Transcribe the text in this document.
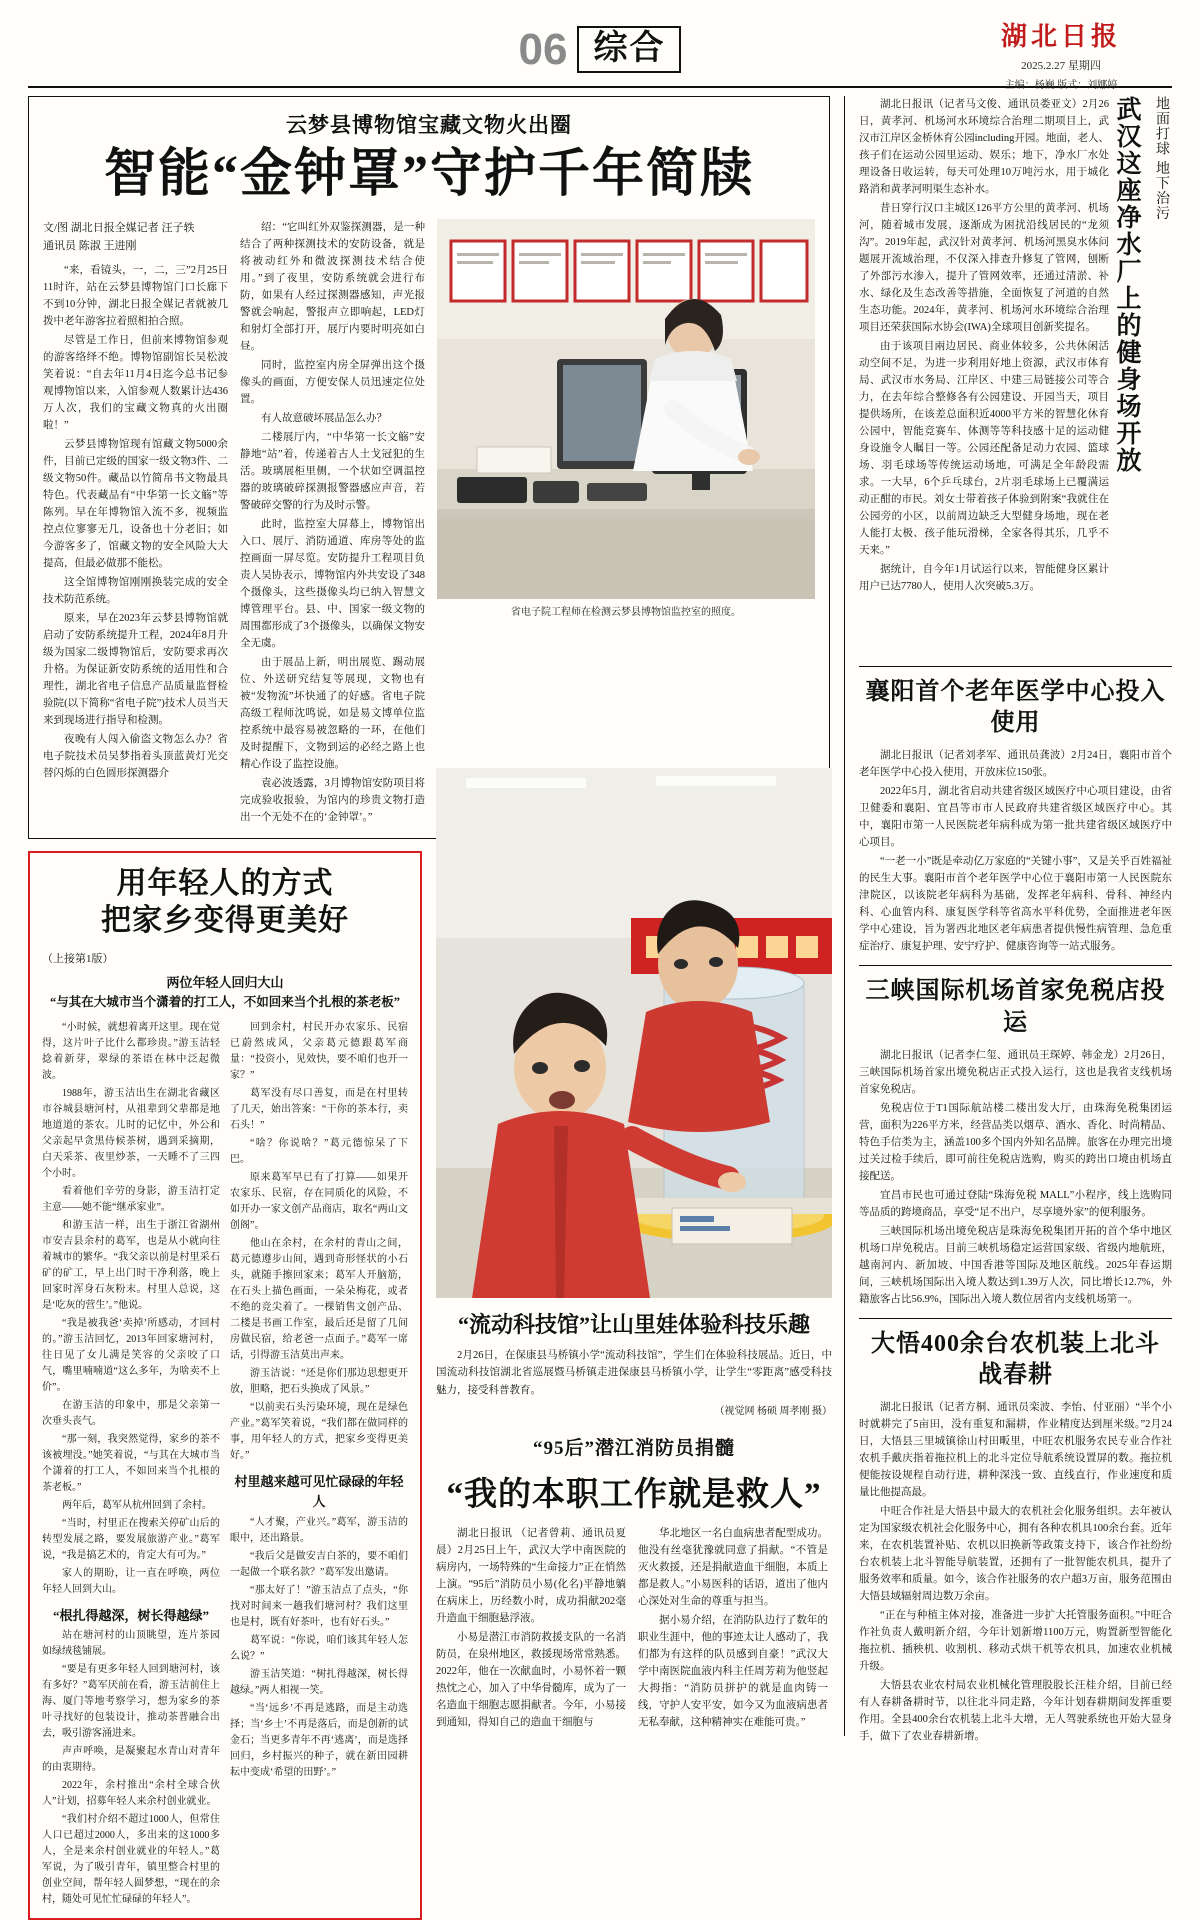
06 综合	湖北日报
2025.2.27 星期四
主编：杨巍 版式：刘娜婷
云梦县博物馆宝藏文物火出圈
智能“金钟罩”守护千年简牍
文/图 湖北日报全媒记者 汪子轶
通讯员 陈淑 王进刚

“来，看镜头，一，二，三”2月25日11时许，站在云梦县博物馆门口长廊下不到10分钟，湖北日报全媒记者就被几拨中老年游客拉着照相拍合照。

尽管是工作日，但前来博物馆参观的游客络绎不绝。博物馆副馆长吴松波笑着说：“自去年11月4日迄今总书记参观博物馆以来，入馆参观人数累计达436万人次，我们的宝藏文物真的火出圈啦！”

云梦县博物馆现有馆藏文物5000余件，目前已定级的国家一级文物3件、二级文物50件。藏品以竹简帛书文物最具特色。代表藏品有“中华第一长文觞”等陈列。早在年博物馆入流不多，视频监控点位寥寥无几，设备也十分老旧；如今游客多了，馆藏文物的安全风险大大提高，但最必做那不能松。

这全馆博物馆刚刚换装完成的安全技术防范系统。

原来，早在2023年云梦县博物馆就启动了安防系统提升工程，2024年8月升级为国家二级博物馆后，安防要求再次升格。为保证新安防系统的适用性和合理性，湖北省电子信息产品质量监督检验院(以下简称“省电子院”)技术人员当天来到现场进行指导和检测。

夜晚有人闯入偷盗文物怎么办？省电子院技术员吴梦指着头顶蓝黄灯光交替闪烁的白色圆形探测器介

绍：“它叫红外双鉴探测器，是一种结合了两种探测技术的安防设备，就是将被动红外和微波探测技术结合使用。”到了夜里，安防系统就会进行布防，如果有人经过探测器感知，声光报警就会响起，警报声立即响起，LED灯和射灯全部打开，展厅内要时明亮如白昼。

同时，监控室内房全屏弹出这个摄像头的画面，方便安保人员迅速定位处置。

有人故意破坏展品怎么办？

二楼展厅内，“中华第一长文觞”安静地“站”着，传递着古人土戈冠犯的生活。玻璃展柜里侧，一个状如空调温控器的玻璃破碎探测报警器感应声音，若警破碎交警的行为及时示警。

此时，监控室大屏幕上，博物馆出入口、展厅、消防通道、库房等处的监控画面一屏尽览。安防提升工程项目负责人吴协表示，博物馆内外共安设了348个摄像头，这些摄像头均已纳入智慧文博管理平台。县、中、国家一级文物的周围都形成了3个摄像头，以确保文物安全无虞。

由于展品上新，明出展览、踢动展位、外送研究结复等展现，文物也有被“发物流”坏快通了的好感。省电子院高级工程师沈鸣说，如是易文博单位监控系统中最容易被忽略的一环，在他们及时提醒下，文物到运的必经之路上也精心作设了监控设施。

袁必波透露，3月博物馆安防项目将完成验收报验，为馆内的珍贵文物打造出一个无处不在的‘金钟罩’。”

省电子院工程师在检测云梦县博物馆监控室的照度。
用年轻人的方式
把家乡变得更美好
（上接第1版）
两位年轻人回归大山
“与其在大城市当个潇着的打工人，不如回来当个扎根的茶老板”

“小时候，就想着离开这里。现在觉得，这片叶子比什么都珍贵。”游玉洁轻捻着新芽，翠绿的茶语在林中泛起微波。

1988年，游玉洁出生在湖北省藏区市谷城县塘河村，从祖辈到父辈都是地地道道的茶农。儿时的记忆中，外公和父亲起早贪黑侍候茶树，遇到采摘期，白天采茶、夜里炒茶，一天睡不了三四个小时。

看着他们辛劳的身影，游玉洁打定主意——她不能“继承家业”。

和游玉洁一样，出生于浙江省湖州市安吉县余村的葛军，也是从小就向往着城市的繁华。“我父亲以前是村里采石矿的矿工，早上出门时干净利落，晚上回家时浑身石灰粉末。村里人总说，这是‘吃灰的营生’。”他说。

“我是被我爸‘卖掉’所感动，才回村的。”游玉洁回忆，2013年回家塘河村，往日见了女儿满是笑容的父亲咬了口气，嘴里喃喃道“这么多年，为啥卖不上价”。

在游玉洁的印象中，那是父亲第一次垂头丧气。

“那一刻，我突然觉得，家乡的茶不该被埋没。”她笑着说，“与其在大城市当个潇着的打工人，不如回来当个扎根的茶老板。”

两年后，葛军从杭州回到了余村。

“当时，村里正在搜索关停矿山后的转型发展之路，要发展旅游产业。”葛军说，“我是搞艺术的，肯定大有可为。”

家人的期盼，让一直在呼唤，两位年轻人回到大山。

“根扎得越深，树长得越绿”

站在塘河村的山顶眺望，连片茶园如绿绒毯铺展。

“要是有更多年轻人回到塘河村，该有多好？”葛军厌前在看，游玉洁前住上海、厦门等地考察学习，想为家乡的茶叶寻找好的包装设计，推动茶普融合出去，吸引游客涌进来。

声声呼唤，是凝聚起水青山对青年的由衷期待。

2022年，余村推出“余村全球合伙人”计划，招募年轻人来余村创业就业。

“我们村介绍不超过1000人，但常住人口已超过2000人，多出来的这1000多人，全是来余村创业就业的年轻人。”葛军说，为了吸引青年，镇里整合村里的创业空间，帮年轻人圆梦想，“现在的余村，随处可见忙忙碌碌的年轻人”。

回到余村，村民开办农家乐、民宿已蔚然成风，父亲葛元德跟葛军商量：“投资小，见效快，要不咱们也开一家？”

葛军没有尽口善复，而是在村里转了几天，始出答案：“干你的茶本行，卖石头！”

“啥？你说啥？”葛元德惊呆了下巴。

原来葛军早已有了打算——如果开农家乐、民宿，存在同质化的风险，不如开办一家文创产品商店，取名“两山文创阁”。

他山在余村，在余村的青山之间，葛元德遵步山间，遇到奇形怪状的小石头，就随手擦回家来；葛军人开脑筋，在石头上描色画面，一朵朵梅花，或者不绝的竞尖着了。一棵销售文创产品、二楼是书画工作室，最后还是留了几间房做民宿，给老爸一点面子。”葛军一席话，引得游玉洁莫出声来。

游玉洁说：“还是你们那边思想更开放，胆略，把石头换成了风景。”

“以前卖石头污染环境，现在是绿色产业。”葛军笑着说，“我们都在做同样的事，用年轻人的方式，把家乡变得更美好。”

村里越来越可见忙碌碌的年轻人

“人才聚，产业兴。”葛军，游玉洁的眼中，还出路景。

“我后父是做安吉白茶的，要不咱们一起做一个联名款？”葛军发出邀请。

“那太好了！”游玉洁点了点头，“你找对时间来一趟我们塘河村？我们这里也是村，既有好茶叶，也有好石头。”

葛军说：“你说，咱们该其年轻人怎么说？”

游玉洁笑道：“树扎得越深，树长得越绿。”两人相视一笑。

“当‘远乡’不再是逃路，而是主动选择；当‘乡土’不再是落后，而是创新的试金石；当更多青年不再‘逃离’，而是选择回归，乡村振兴的种子，就在新田园耕耘中变成‘希望的田野’。”

“流动科技馆”让山里娃体验科技乐趣

2月26日，在保康县马桥镇小学“流动科技馆”，学生们在体验科技展品。近日，中国流动科技馆湖北省巡展暨马桥镇走进保康县马桥镇小学，让学生“零距离”感受科技魅力，接受科普教育。

（视觉网 杨硕 周孝刚 摄）
“95后”潜江消防员捐髓
“我的本职工作就是救人”

湖北日报讯 （记者曾莉、通讯员夏晨）2月25日上午，武汉大学中南医院的病房内，一场特殊的“生命接力”正在悄然上演。“95后”消防员小易(化名)平静地躺在病床上，历经数小时，成功捐献202毫升造血干细胞悬浮液。

小易是潜江市消防救援支队的一名消防员，在泉州地区，救援现场常常熟悉。2022年，他在一次献血时，小易怀着一颗热忱之心，加入了中华骨髓库，成为了一名造血干细胞志愿捐献者。今年，小易接到通知，得知自己的造血干细胞与

华北地区一名白血病患者配型成功。他没有丝毫犹豫就同意了捐献。“不管是灭火救援，还是捐献造血干细胞，本质上都是救人。”小易医科的话语，道出了他内心深处对生命的尊重与担当。

据小易介绍，在消防队边行了数年的职业生涯中，他的事迹太让人感动了，我们都为有这样的队员感到自豪！”武汉大学中南医院血液内科主任周芳莉为他竖起大拇指：“消防员拼护的就是血肉铸一线，守护人安平安，如今又为血液病患者无私奉献，这种精神实在难能可贵。”

地面打球 地下治污
武汉这座净水厂上的健身场开放

湖北日报讯（记者马文俊、通讯员娄亚文）2月26日，黄孝河、机场河水环境综合治理二期项目上，武汉市江岸区金桥休育公园including开园。地面，老人、孩子们在运动公园里运动、娱乐；地下，净水厂水处理设备日收运转，每天可处理10万吨污水，用于城化路消和黄孝河明渠生态补水。

昔日穿行汉口主城区126平方公里的黄孝河、机场河，随着城市发展，逐渐成为困扰沿线居民的“龙须沟”。2019年起，武汉针对黄孝河、机场河黑臭水体问题展开流域治理，不仅深入排查升修复了管网，刨断了外部污水渗入，提升了管网效率，还通过清淤、补水、绿化及生态改善等措施，全面恢复了河道的自然生态功能。2024年，黄孝河、机场河水环境综合治理项目还荣获国际水协会(IWA)全球项目创新奖提名。

由于该项目兩边居民、商业体较多，公共休闲活动空间不足，为进一步利用好地上资源，武汉市体育局、武汉市水务局、江岸区、中建三局链接公司等合力，在去年综合整修各有公园建设、开园当天，项目提供场所，在该差总面积近4000平方米的智慧化休育公园中，智能竞赛车、体测等等科技感十足的运动健身设施令人瞩目一等。公园还配备足动力农园、篮球场、羽毛球场等传统运动场地，可满足全年龄段需求。一大早，6个乒乓球台，2片羽毛球场上已覆满运动正酣的市民。刘女士带着孩子体验到附案“我就住在公园旁的小区，以前周边缺乏大型健身场地，现在老人能打太极、孩子能玩滑梯，全家各得其乐，几乎不天来。”

据统计，自今年1月试运行以来，智能健身区累计用户已达7780人，使用人次突破5.3万。

襄阳首个老年医学中心投入使用

湖北日报讯（记者刘孝军、通讯员龚波）2月24日，襄阳市首个老年医学中心投入使用，开放床位150张。

2022年5月，湖北省启动共建省级区域医疗中心项目建设，由省卫健委和襄阳、宜昌等市市人民政府共建省级区域医疗中心。其中，襄阳市第一人民医院老年病科成为第一批共建省级区域医疗中心项目。

“一老一小”既是牵动亿万家庭的“关键小事”，又是关乎百姓福祉的民生大事。襄阳市首个老年医学中心位于襄阳市第一人民医院东津院区，以该院老年病科为基础，发挥老年病科、骨科、神经内科、心血管内科、康复医学科等省高水平科优势，全面推进老年医学中心建设，旨为署西北地区老年病患者提供慢性病管理、急危重症治疗、康复护理、安宁疗护、健康咨询等一站式服务。

三峡国际机场首家免税店投运

湖北日报讯（记者李仁玺、通讯员王琛婷、韩金龙）2月26日，三峡国际机场首家出境免税店正式投入运行，这也是我省支线机场首家免税店。

免税店位于T1国际航站楼二楼出发大厅，由珠海免税集团运营，面积为226平方米，经营品类以烟草、酒水、香化、时尚精品、特色手信类为主，涵盖100多个国内外知名品牌。旅客在办理完出境过关过检手续后，即可前往免税店选购，购买的跨出口境由机场直接配送。

宜昌市民也可通过登陆“珠海免税 MALL”小程序，线上选购同等品质的跨境商品，享受“足不出户，尽享境外家”的便利服务。

三峡国际机场出境免税店是珠海免税集团开拓的首个华中地区机场口岸免税店。目前三峡机场稳定运营国家级、省级内地航班，越南河内、新加坡、中国香港等国际及地区航线。2025年春运期间，三峡机场国际出入境人数达到1.39万人次，同比增长12.7%，外籍旅客占比56.9%，国际出入境人数位居省内支线机场第一。

大悟400余台农机装上北斗战春耕

湖北日报讯（记者方桐、通讯员栾波、李怡、付亚丽）“半个小时就耕完了5亩田，没有重复和漏耕，作业精度达到厘米级。”2月24日，大悟县三里城镇徐山村田畈里，中旺农机服务农民专业合作社农机手戴庆指着拖拉机上的北斗定位导航系统设置屏的数。拖拉机便能按设规程自动行进，耕种深浅一致、直线直行，作业速度和质量比他提高最。

中旺合作社是大悟县中最大的农机社会化服务组织。去年被认定为国家级农机社会化服务中心，拥有各种农机具100余台套。近年来，在农机装置补贴、农机以旧换新等政策支持下，该合作社纷纷台农机装上北斗智能导航装置，还拥有了一批智能农机具，提升了服务效率和质量。如今，该合作社服务的农户超3万亩，服务范围由大悟县域辐射周边数万余亩。

“正在与种植主体对接，准备进一步扩大托管服务面积。”中旺合作社负责人戴明新介绍，今年计划新增1100万元，购置新型智能化拖拉机、插秧机、收割机、移动式烘干机等农机具，加速农业机械升级。

大悟县农业农村局农业机械化管理股股长汪桂介绍，目前已经有人春耕备耕时节，以往北斗同走路，今年计划春耕期间发挥重要作用。全县400余台农机装上北斗大增，无人驾驶系统也开始大显身手，做下了农业春耕新增。
